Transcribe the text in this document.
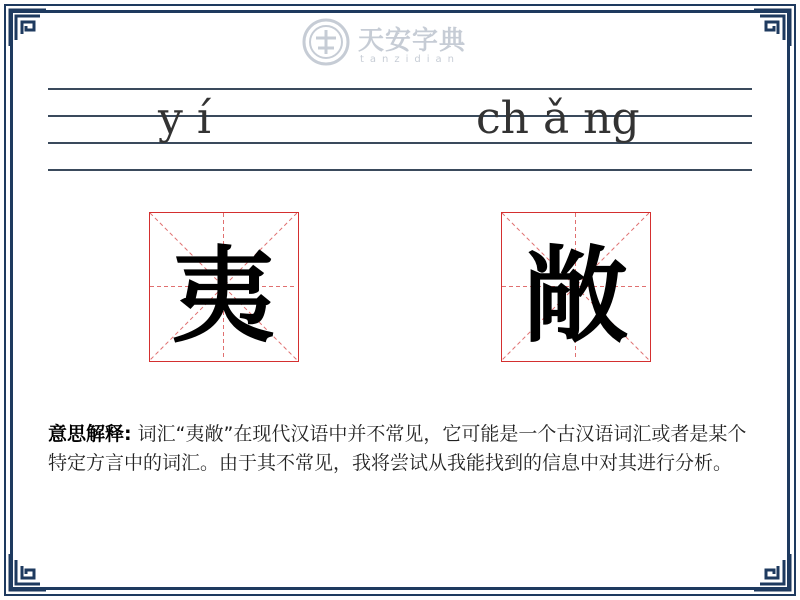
天安字典
tanzidian
y í	ch ǎ ng
夷 敞
意思解释: 词汇“夷敞”在现代汉语中并不常见，它可能是一个古汉语词汇或者是某个特定方言中的词汇。由于其不常见，我将尝试从我能找到的信息中对其进行分析。
